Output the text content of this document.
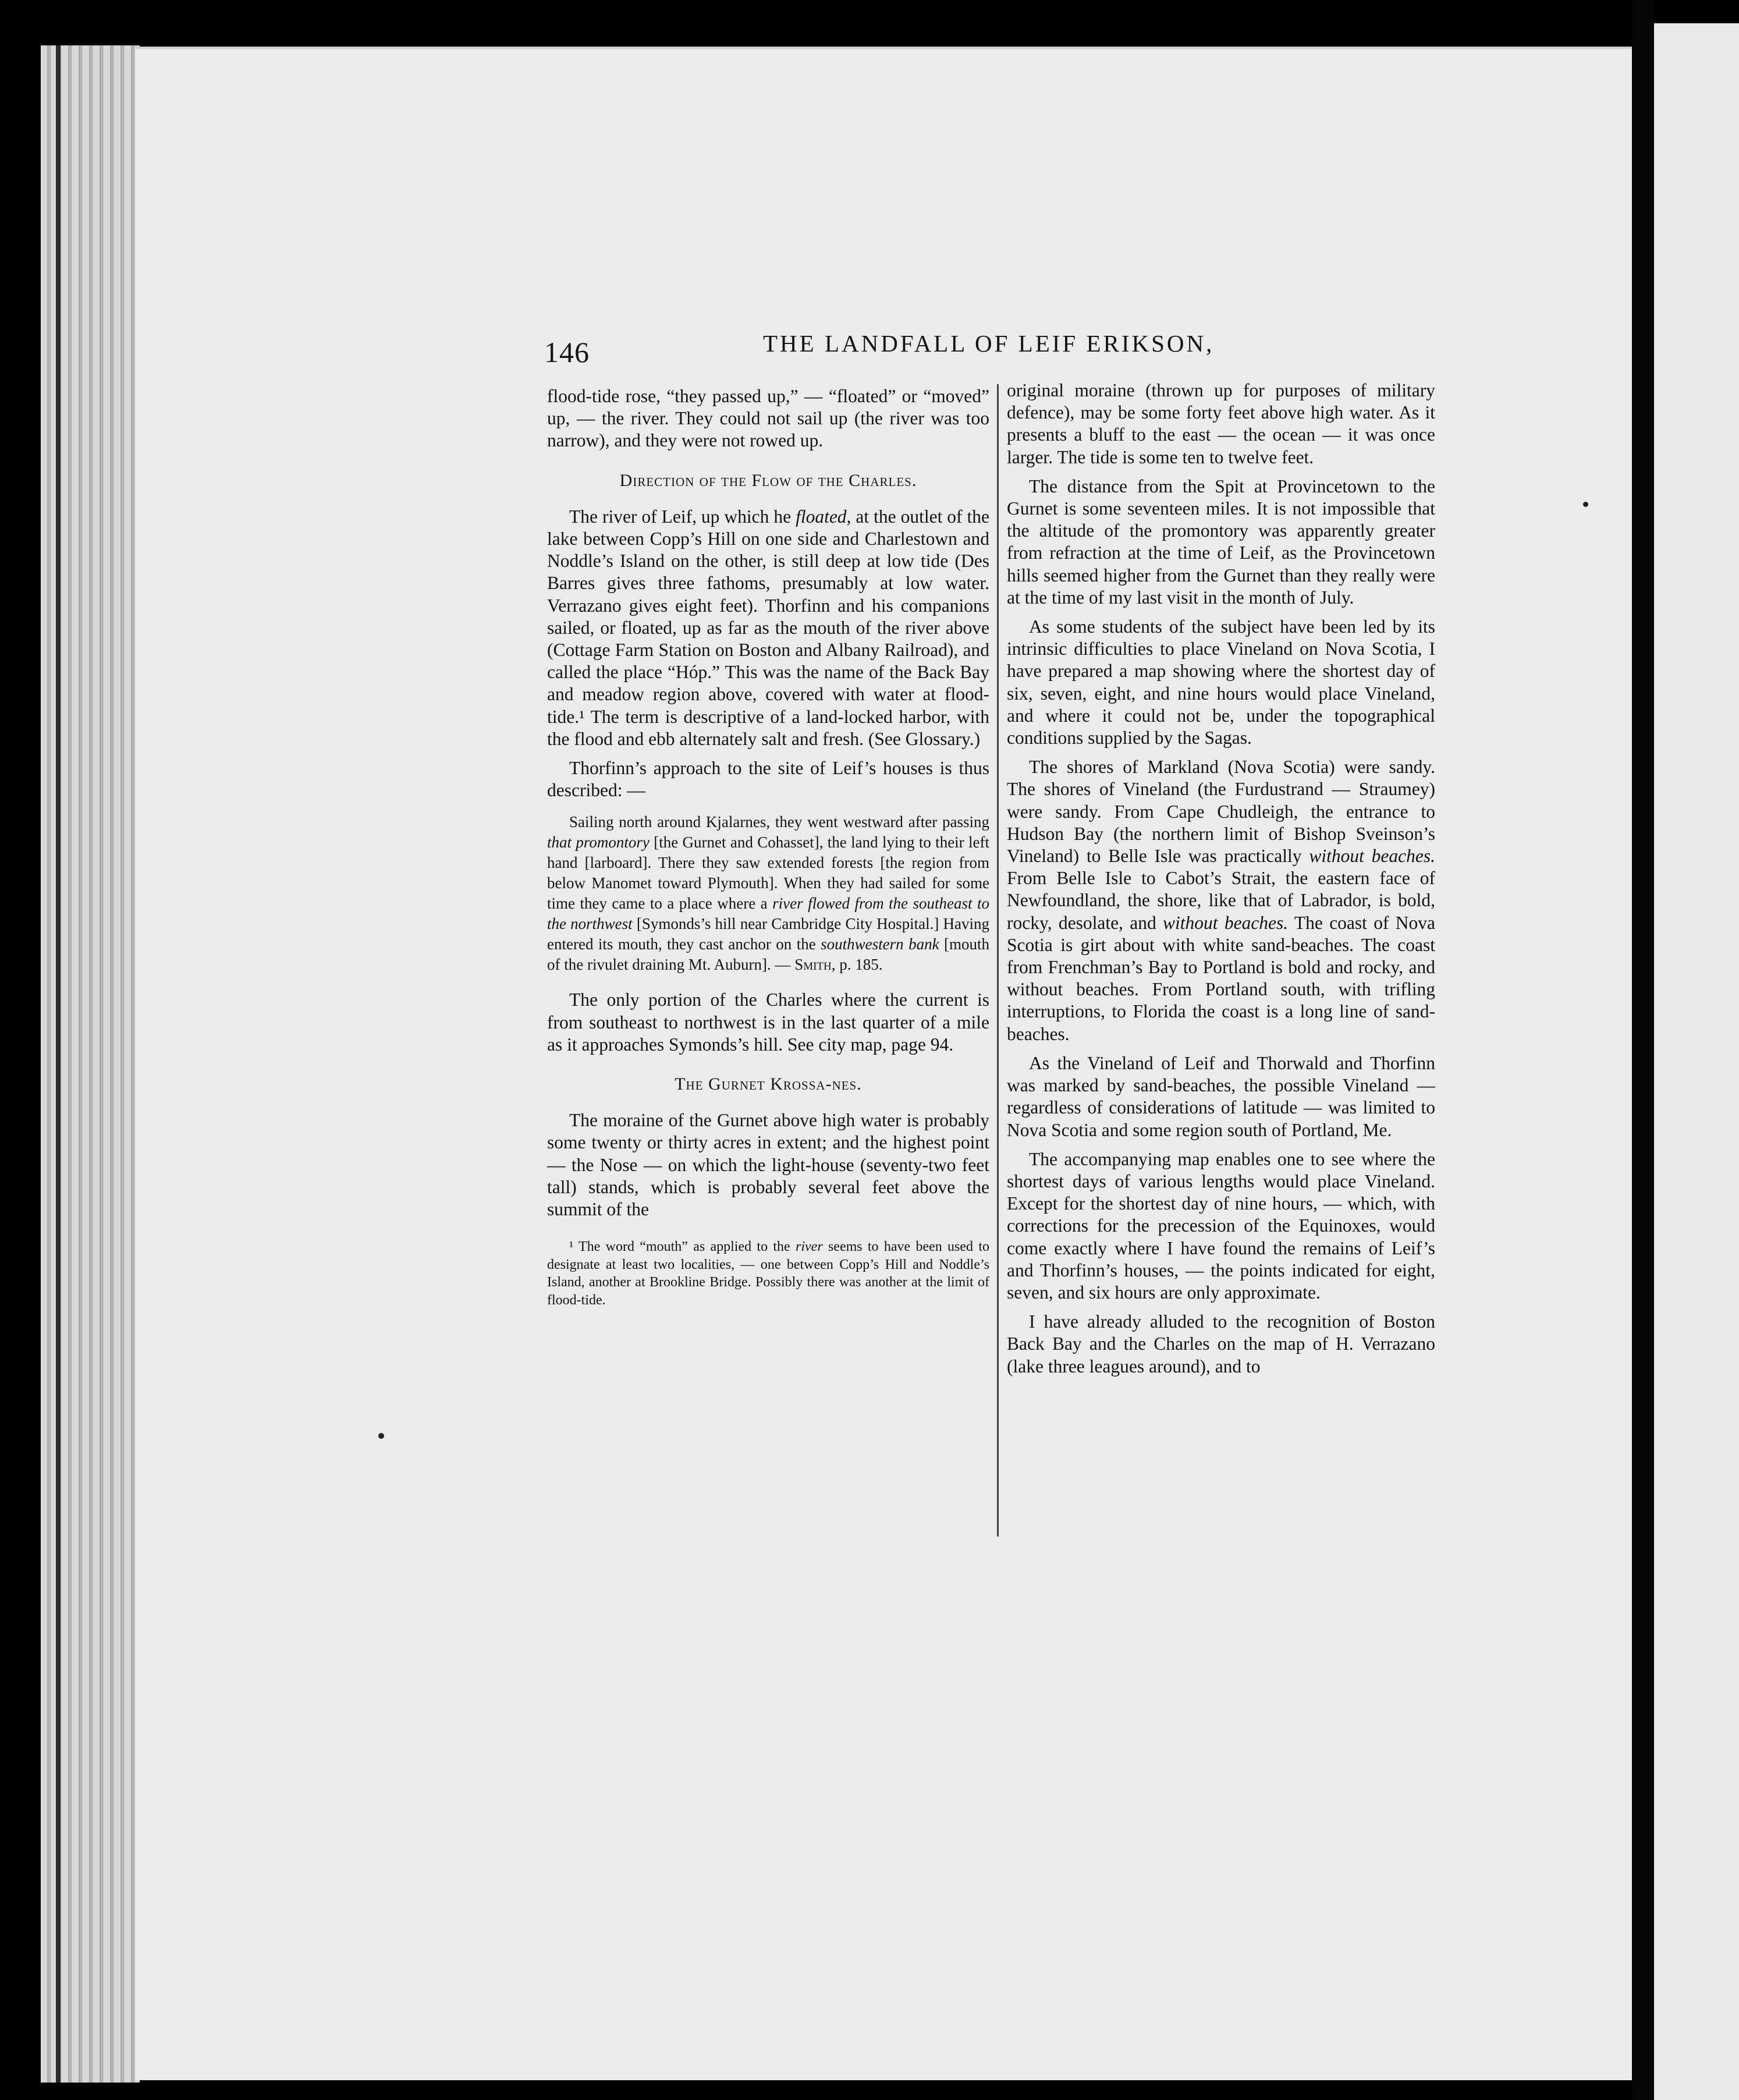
146	THE LANDFALL OF LEIF ERIKSON,

flood-tide rose, “they passed up,” — “floated” or “moved” up, — the river. They could not sail up (the river was too narrow), and they were not rowed up.

Direction of the Flow of the Charles.

The river of Leif, up which he floated, at the outlet of the lake between Copp’s Hill on one side and Charlestown and Noddle’s Island on the other, is still deep at low tide (Des Barres gives three fathoms, presumably at low water. Verrazano gives eight feet). Thorfinn and his companions sailed, or floated, up as far as the mouth of the river above (Cottage Farm Station on Boston and Albany Railroad), and called the place “Hóp.” This was the name of the Back Bay and meadow region above, covered with water at flood-tide.¹ The term is descriptive of a land-locked harbor, with the flood and ebb alternately salt and fresh. (See Glossary.)

Thorfinn’s approach to the site of Leif’s houses is thus described: —

Sailing north around Kjalarnes, they went westward after passing that promontory [the Gurnet and Cohasset], the land lying to their left hand [larboard]. There they saw extended forests [the region from below Manomet toward Plymouth]. When they had sailed for some time they came to a place where a river flowed from the southeast to the northwest [Symonds’s hill near Cambridge City Hospital.] Having entered its mouth, they cast anchor on the southwestern bank [mouth of the rivulet draining Mt. Auburn]. — Smith, p. 185.

The only portion of the Charles where the current is from southeast to northwest is in the last quarter of a mile as it approaches Symonds’s hill. See city map, page 94.

The Gurnet Krossa-nes.

The moraine of the Gurnet above high water is probably some twenty or thirty acres in extent; and the highest point — the Nose — on which the light-house (seventy-two feet tall) stands, which is probably several feet above the summit of the

¹ The word “mouth” as applied to the river seems to have been used to designate at least two localities, — one between Copp’s Hill and Noddle’s Island, another at Brookline Bridge. Possibly there was another at the limit of flood-tide.

original moraine (thrown up for purposes of military defence), may be some forty feet above high water. As it presents a bluff to the east — the ocean — it was once larger. The tide is some ten to twelve feet.

The distance from the Spit at Provincetown to the Gurnet is some seventeen miles. It is not impossible that the altitude of the promontory was apparently greater from refraction at the time of Leif, as the Provincetown hills seemed higher from the Gurnet than they really were at the time of my last visit in the month of July.

As some students of the subject have been led by its intrinsic difficulties to place Vineland on Nova Scotia, I have prepared a map showing where the shortest day of six, seven, eight, and nine hours would place Vineland, and where it could not be, under the topographical conditions supplied by the Sagas.

The shores of Markland (Nova Scotia) were sandy. The shores of Vineland (the Furdustrand — Straumey) were sandy. From Cape Chudleigh, the entrance to Hudson Bay (the northern limit of Bishop Sveinson’s Vineland) to Belle Isle was practically without beaches. From Belle Isle to Cabot’s Strait, the eastern face of Newfoundland, the shore, like that of Labrador, is bold, rocky, desolate, and without beaches. The coast of Nova Scotia is girt about with white sand-beaches. The coast from Frenchman’s Bay to Portland is bold and rocky, and without beaches. From Portland south, with trifling interruptions, to Florida the coast is a long line of sand-beaches.

As the Vineland of Leif and Thorwald and Thorfinn was marked by sand-beaches, the possible Vineland — regardless of considerations of latitude — was limited to Nova Scotia and some region south of Portland, Me.

The accompanying map enables one to see where the shortest days of various lengths would place Vineland. Except for the shortest day of nine hours, — which, with corrections for the precession of the Equinoxes, would come exactly where I have found the remains of Leif’s and Thorfinn’s houses, — the points indicated for eight, seven, and six hours are only approximate.

I have already alluded to the recognition of Boston Back Bay and the Charles on the map of H. Verrazano (lake three leagues around), and to
